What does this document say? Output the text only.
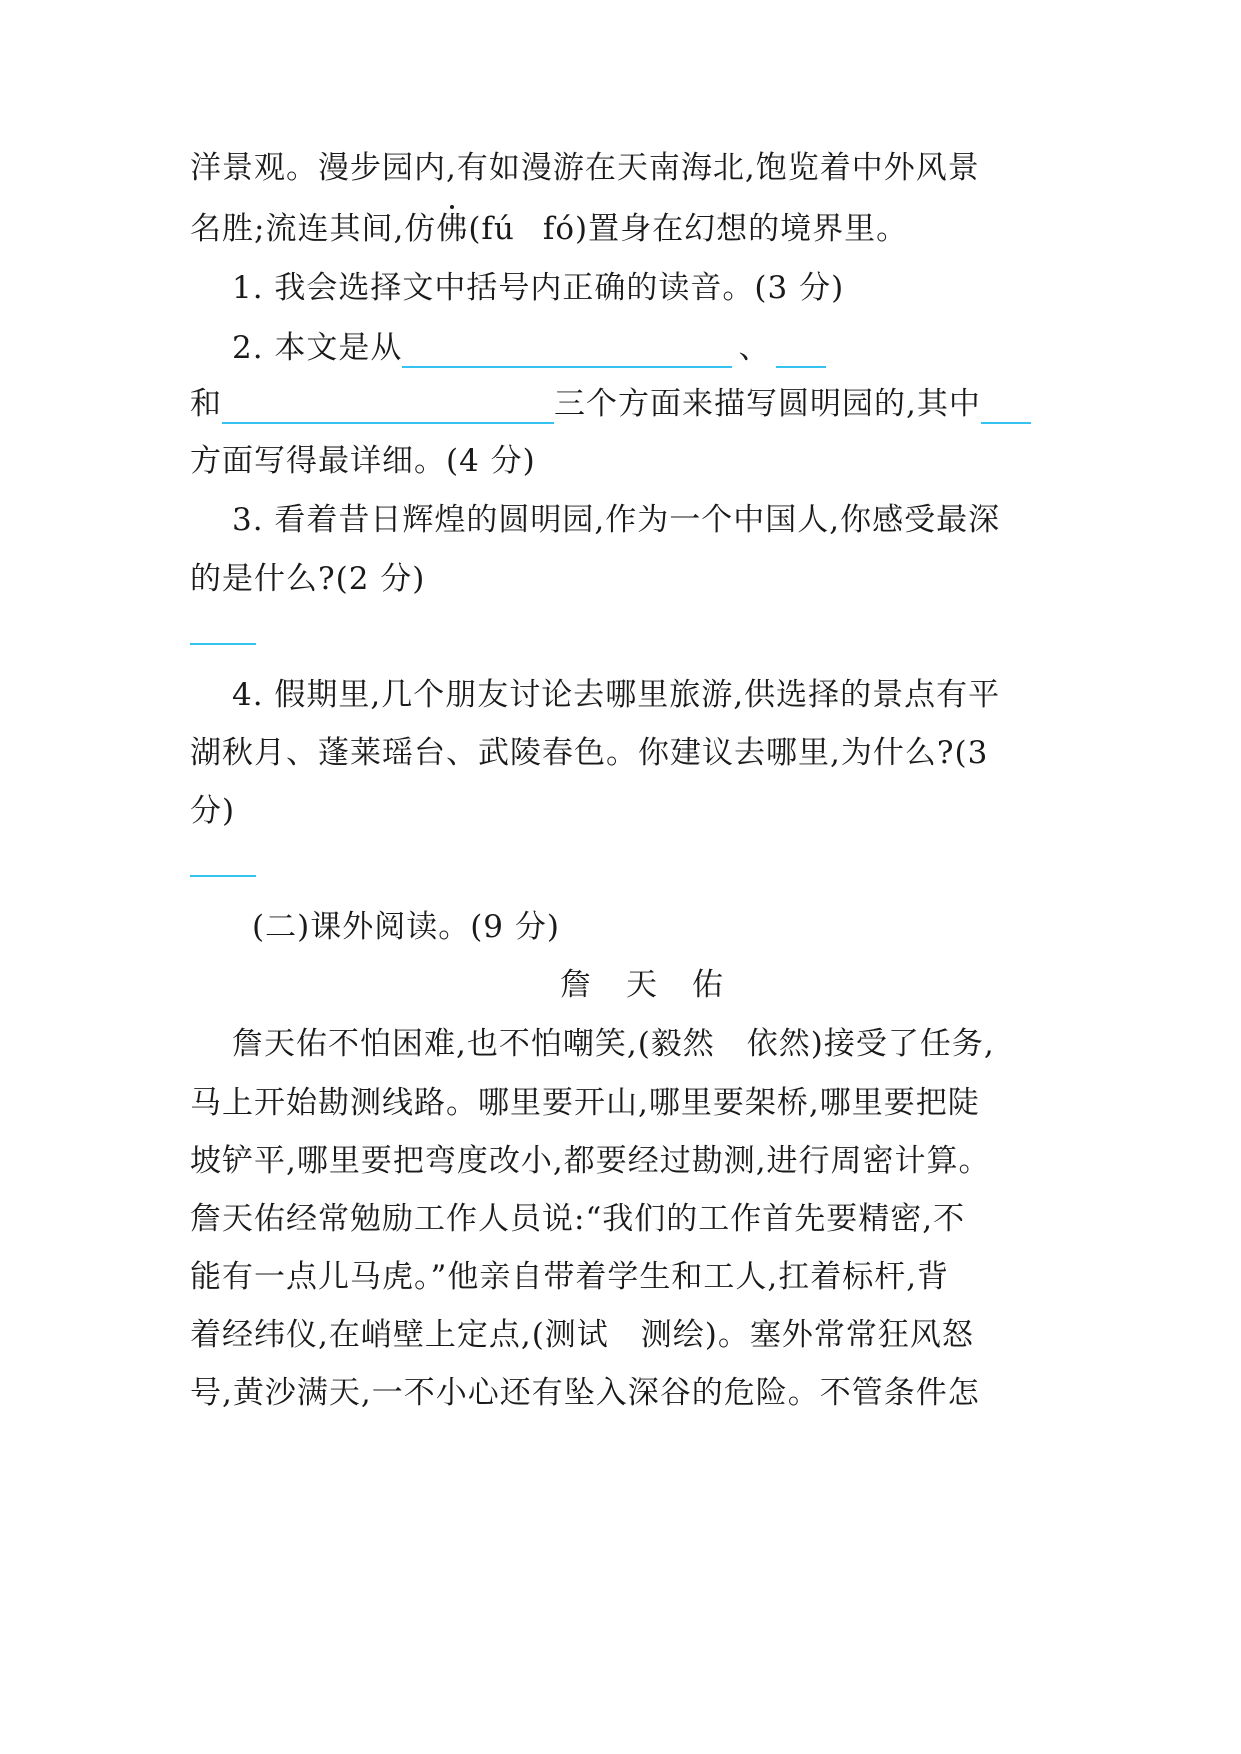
洋景观。漫步园内,有如漫游在天南海北,饱览着中外风景
名胜;流连其间,仿佛(fú fó)置身在幻想的境界里。
1. 我会选择文中括号内正确的读音。(3 分)
2. 本文是从	、
和	三个方面来描写圆明园的,其中
方面写得最详细。(4 分)
3. 看着昔日辉煌的圆明园,作为一个中国人,你感受最深
的是什么?(2 分)
4. 假期里,几个朋友讨论去哪里旅游,供选择的景点有平
湖秋月、蓬莱瑶台、武陵春色。你建议去哪里,为什么?(3
分)
(二)课外阅读。(9 分)
詹 天 佑
詹天佑不怕困难,也不怕嘲笑,(毅然　依然)接受了任务,
马上开始勘测线路。哪里要开山,哪里要架桥,哪里要把陡
坡铲平,哪里要把弯度改小,都要经过勘测,进行周密计算。
詹天佑经常勉励工作人员说:“我们的工作首先要精密,不
能有一点儿马虎。”他亲自带着学生和工人,扛着标杆,背
着经纬仪,在峭壁上定点,(测试　测绘)。塞外常常狂风怒
号,黄沙满天,一不小心还有坠入深谷的危险。不管条件怎
